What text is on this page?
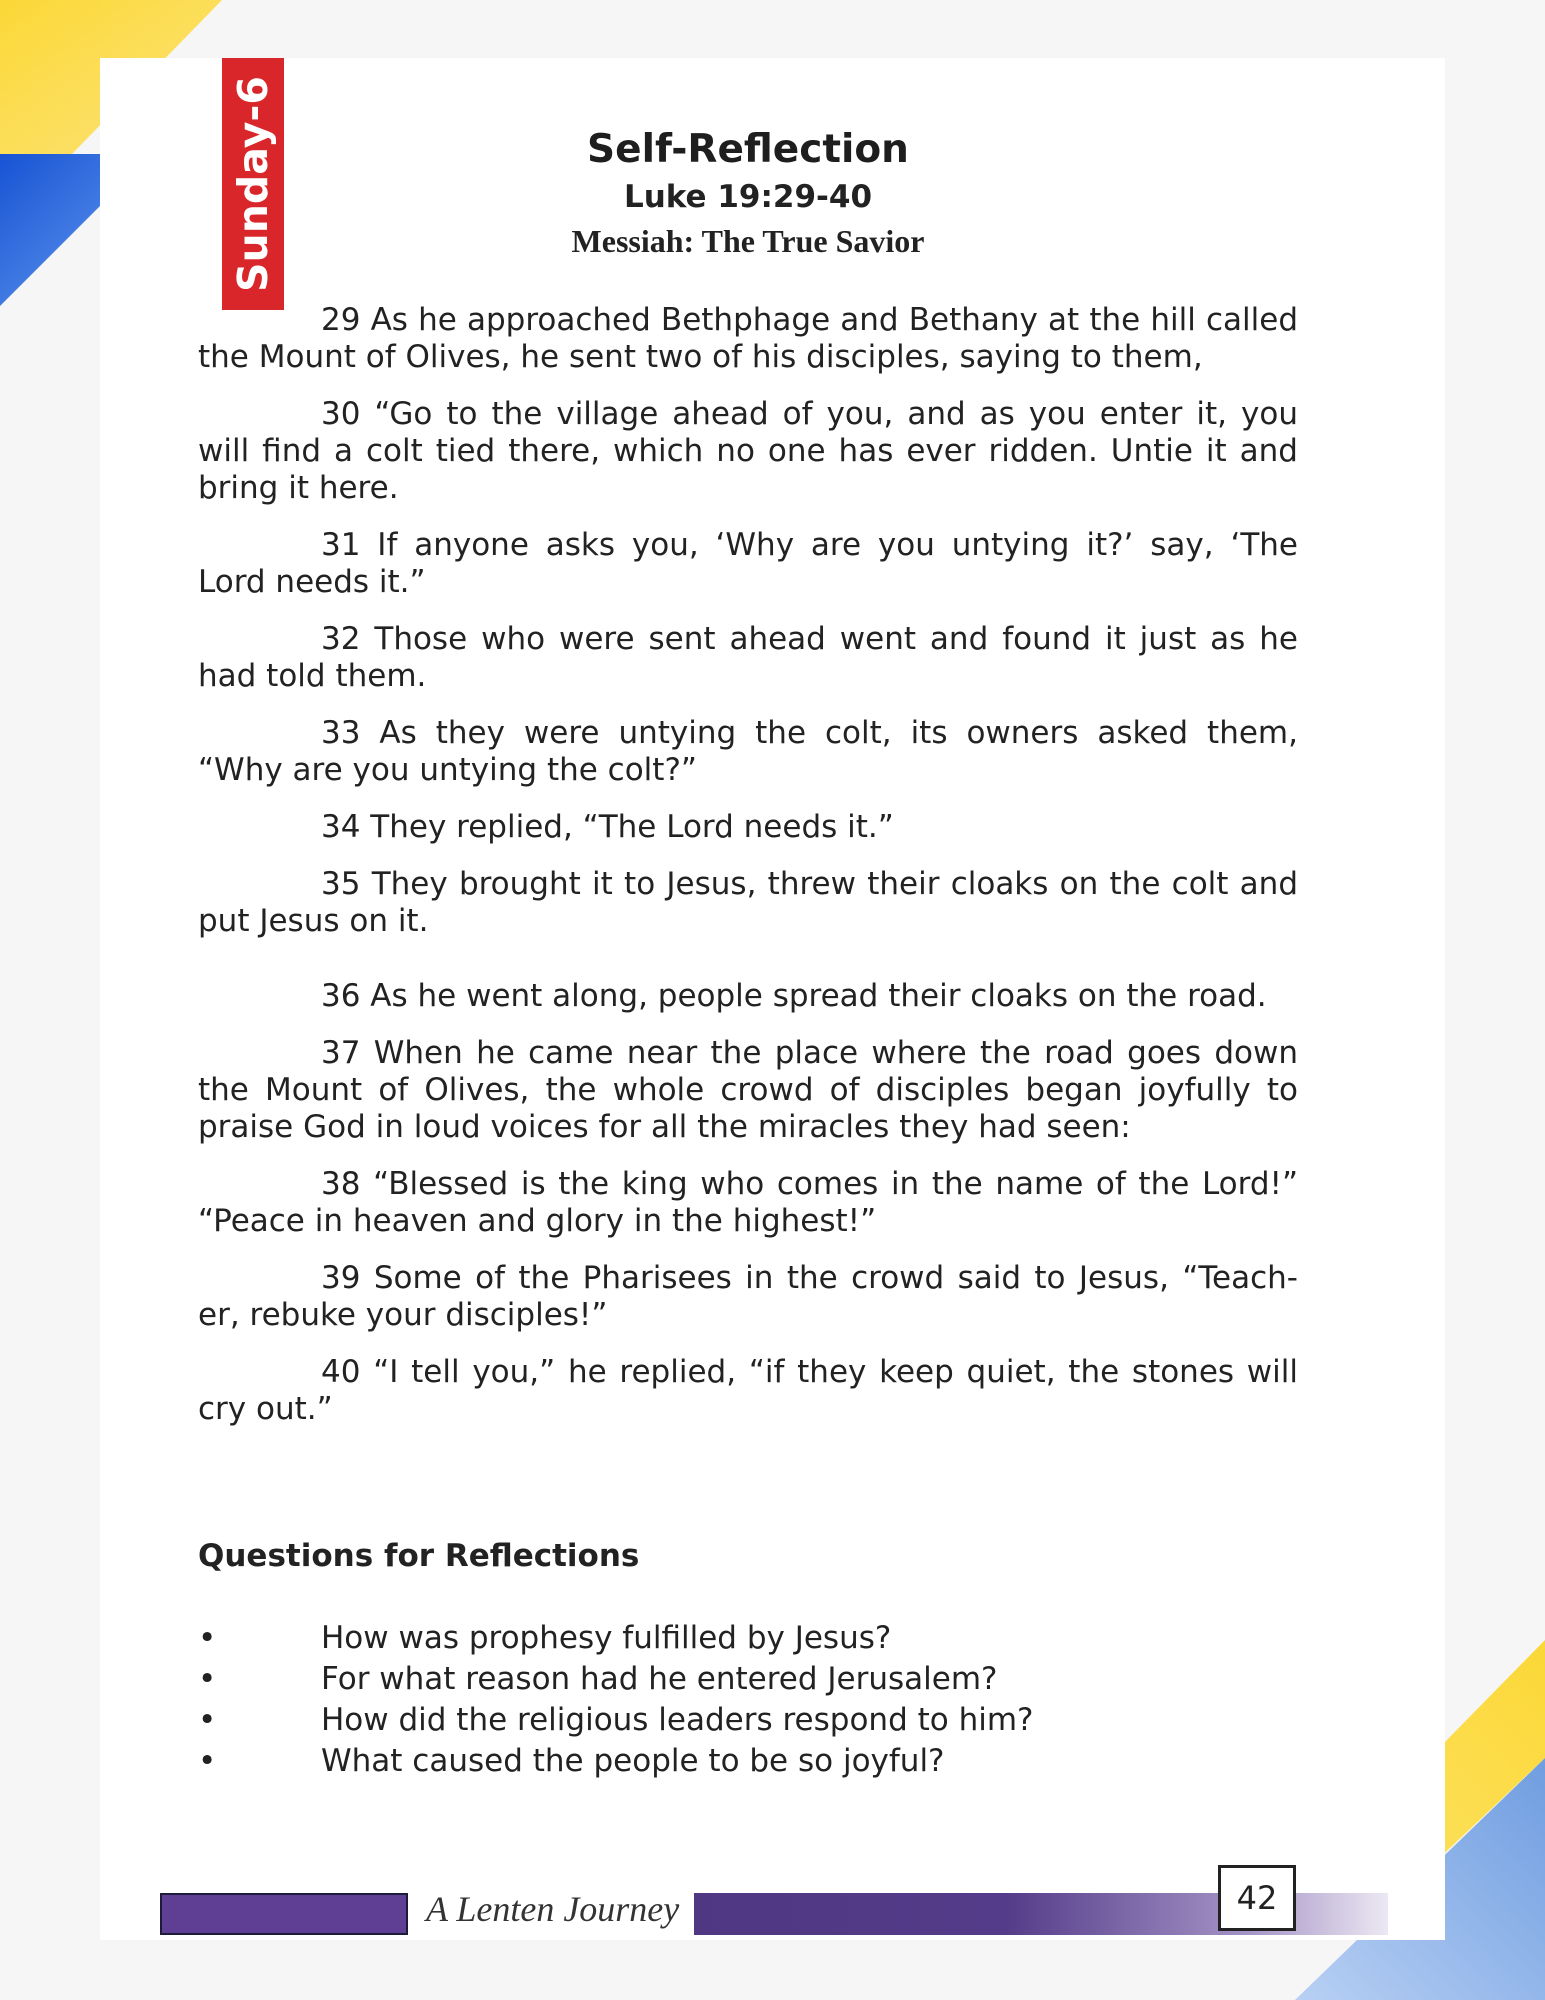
Sunday-6	Self-Reflection
Luke 19:29-40
Messiah: The True Savior

29 As he approached Bethphage and Bethany at the hill called the Mount of Olives, he sent two of his disciples, saying to them,

30 “Go to the village ahead of you, and as you enter it, you will find a colt tied there, which no one has ever ridden. Untie it and bring it here.

31 If anyone asks you, ‘Why are you untying it?’ say, ‘The Lord needs it.”

32 Those who were sent ahead went and found it just as he had told them.

33 As they were untying the colt, its owners asked them, “Why are you untying the colt?”

34 They replied, “The Lord needs it.”

35 They brought it to Jesus, threw their cloaks on the colt and put Jesus on it.

36 As he went along, people spread their cloaks on the road.

37 When he came near the place where the road goes down the Mount of Olives, the whole crowd of disciples began joyfully to praise God in loud voices for all the miracles they had seen:

38 “Blessed is the king who comes in the name of the Lord!” “Peace in heaven and glory in the highest!”

39 Some of the Pharisees in the crowd said to Jesus, “Teach-er, rebuke your disciples!”

40 “I tell you,” he replied, “if they keep quiet, the stones will cry out.”

Questions for Reflections
•	How was prophesy fulfilled by Jesus?
•	For what reason had he entered Jerusalem?
•	How did the religious leaders respond to him?
•	What caused the people to be so joyful?
A Lenten Journey	42
